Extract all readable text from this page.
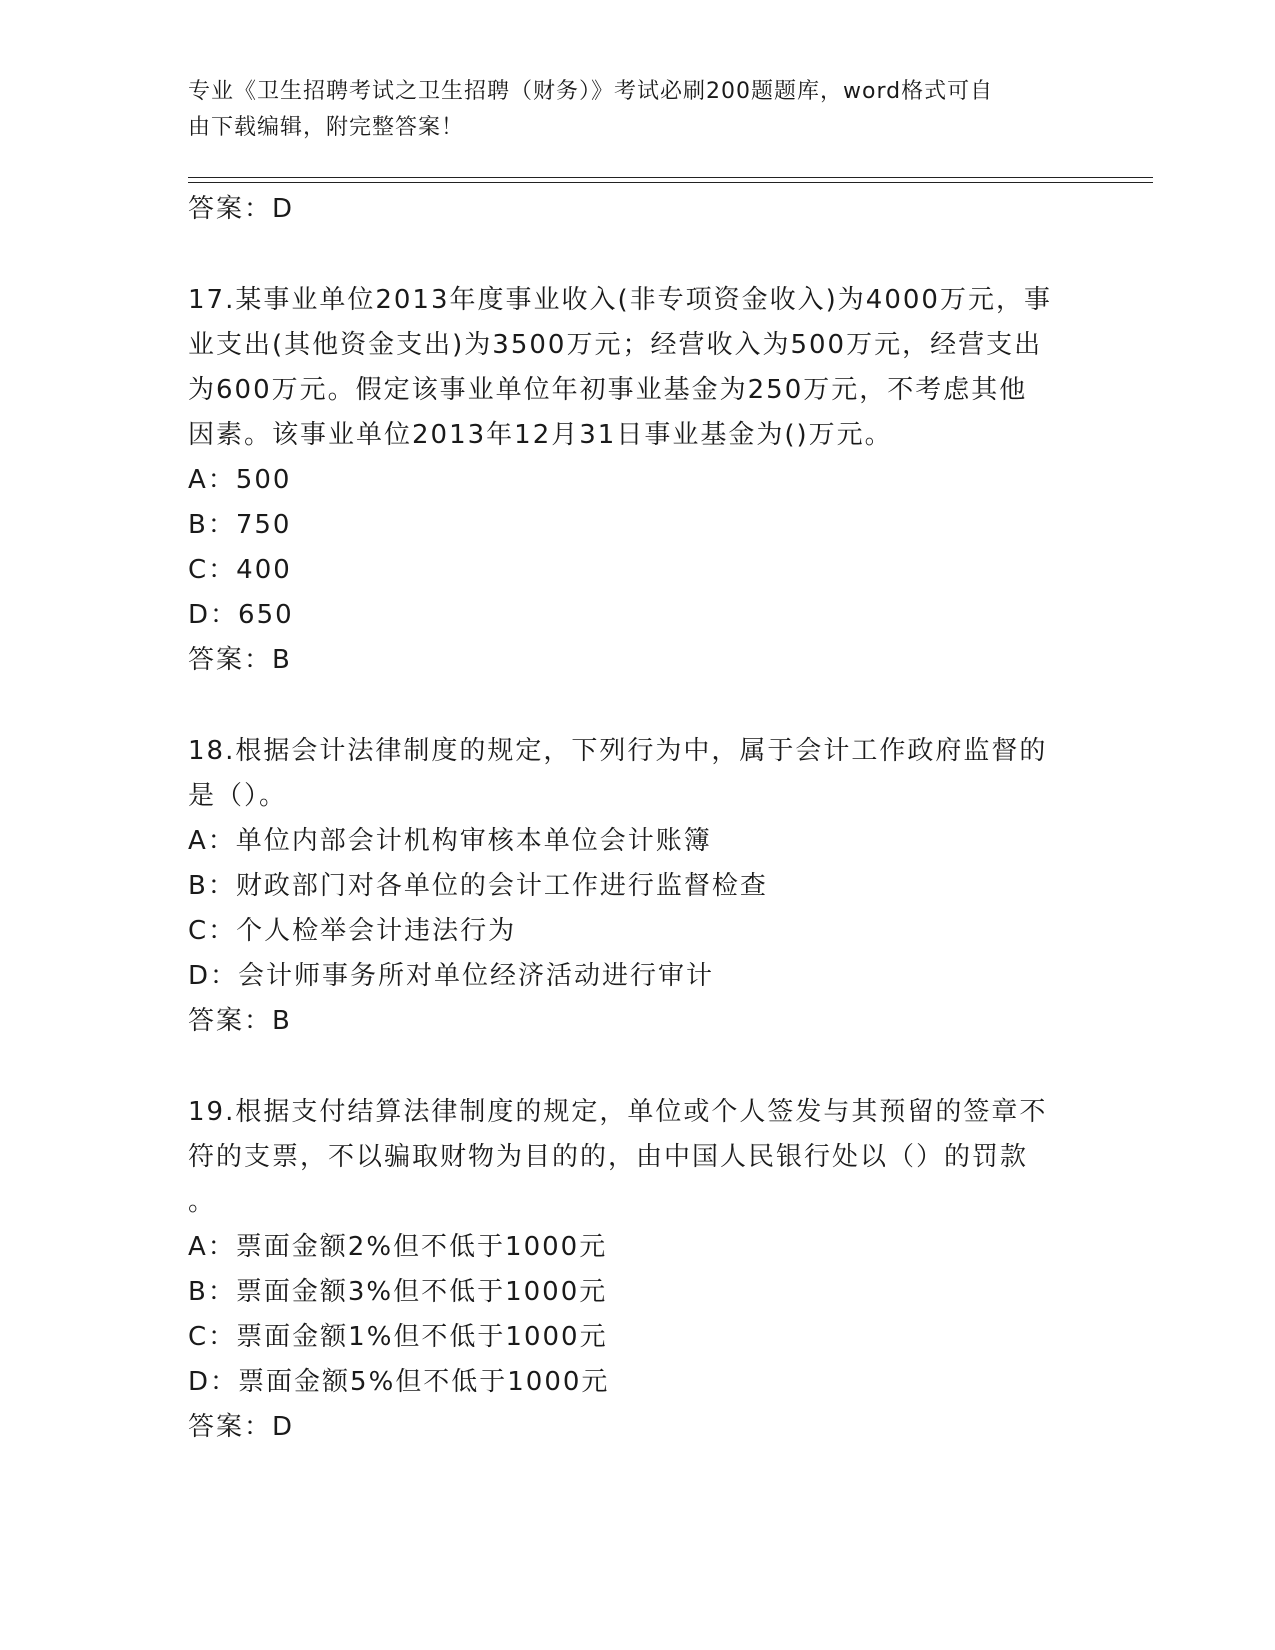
专业《卫生招聘考试之卫生招聘（财务）》考试必刷200题题库，word格式可自
由下载编辑，附完整答案！
答案：D
17.某事业单位2013年度事业收入(非专项资金收入)为4000万元，事
业支出(其他资金支出)为3500万元；经营收入为500万元，经营支出
为600万元。假定该事业单位年初事业基金为250万元，不考虑其他
因素。该事业单位2013年12月31日事业基金为()万元。
A：500
B：750
C：400
D：650
答案：B
18.根据会计法律制度的规定，下列行为中，属于会计工作政府监督的
是（）。
A：单位内部会计机构审核本单位会计账簿
B：财政部门对各单位的会计工作进行监督检查
C：个人检举会计违法行为
D：会计师事务所对单位经济活动进行审计
答案：B
19.根据支付结算法律制度的规定，单位或个人签发与其预留的签章不
符的支票，不以骗取财物为目的的，由中国人民银行处以（）的罚款
。
A：票面金额2%但不低于1000元
B：票面金额3%但不低于1000元
C：票面金额1%但不低于1000元
D：票面金额5%但不低于1000元
答案：D
